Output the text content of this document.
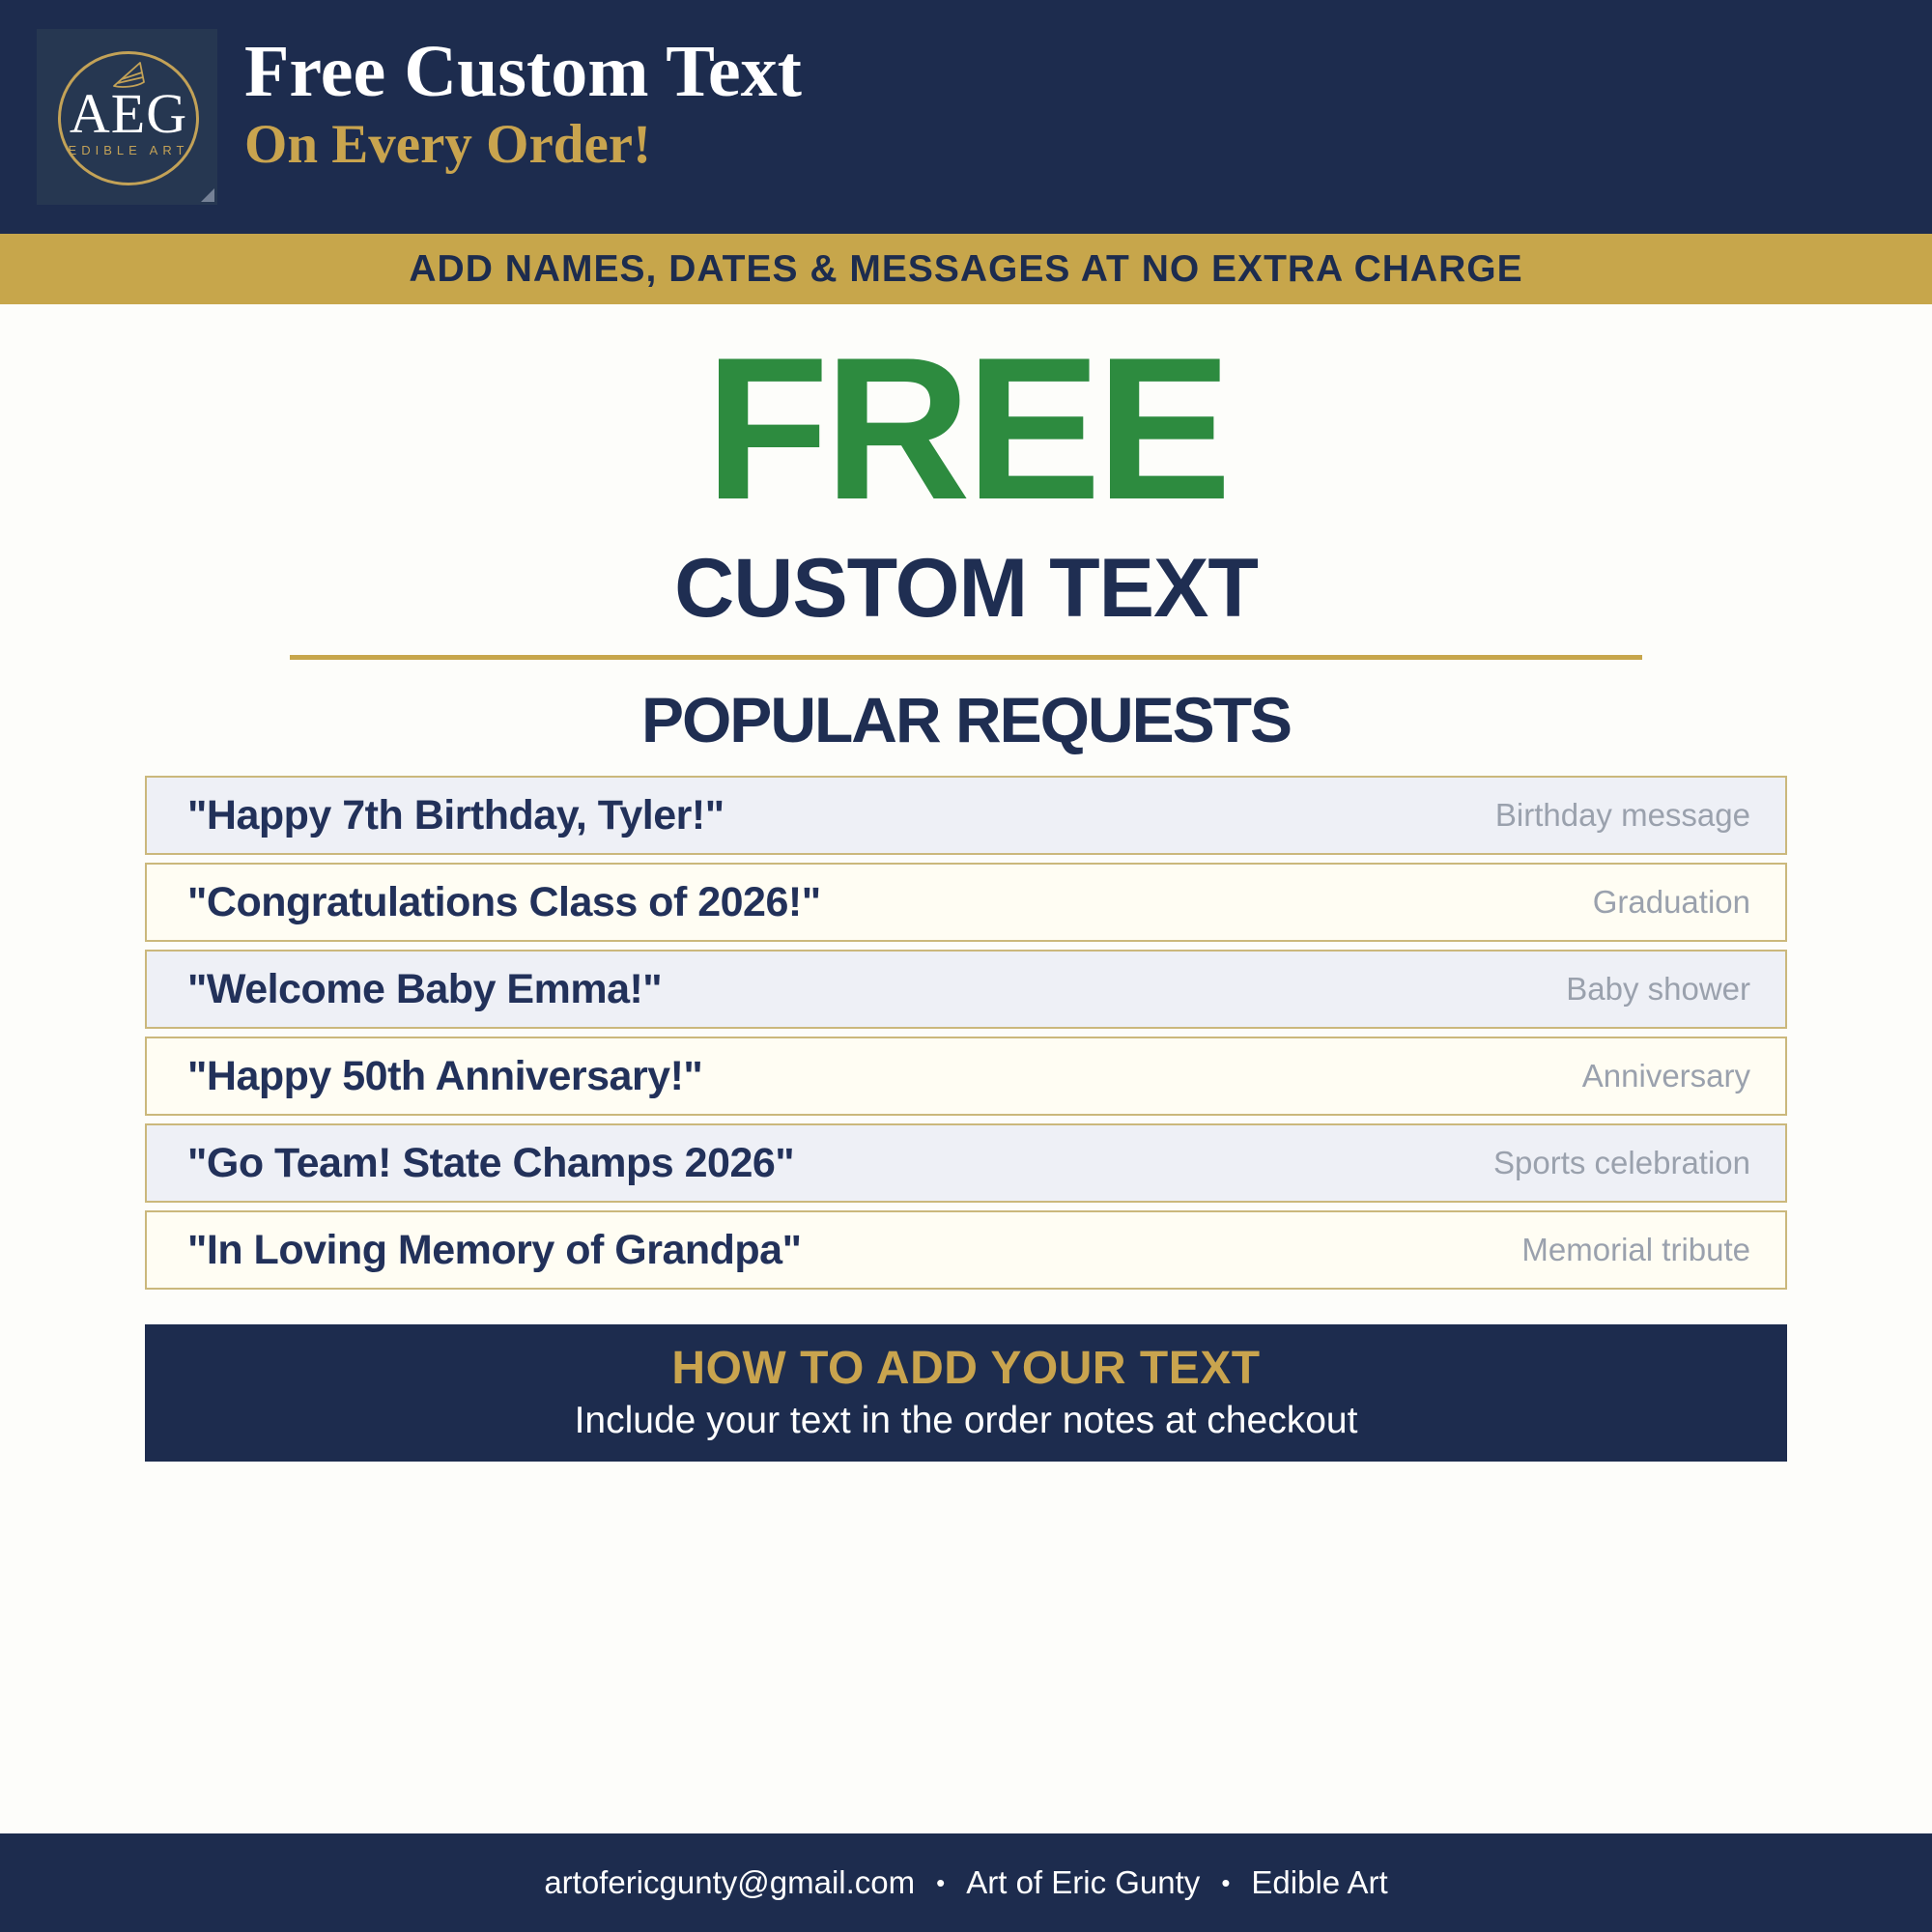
AEG
EDIBLE ART
Free Custom Text
On Every Order!
ADD NAMES, DATES & MESSAGES AT NO EXTRA CHARGE
FREE
CUSTOM TEXT
POPULAR REQUESTS
"Happy 7th Birthday, Tyler!"	Birthday message
"Congratulations Class of 2026!"	Graduation
"Welcome Baby Emma!"	Baby shower
"Happy 50th Anniversary!"	Anniversary
"Go Team! State Champs 2026"	Sports celebration
"In Loving Memory of Grandpa"	Memorial tribute
HOW TO ADD YOUR TEXT
Include your text in the order notes at checkout
artofericgunty@gmail.com • Art of Eric Gunty • Edible Art
